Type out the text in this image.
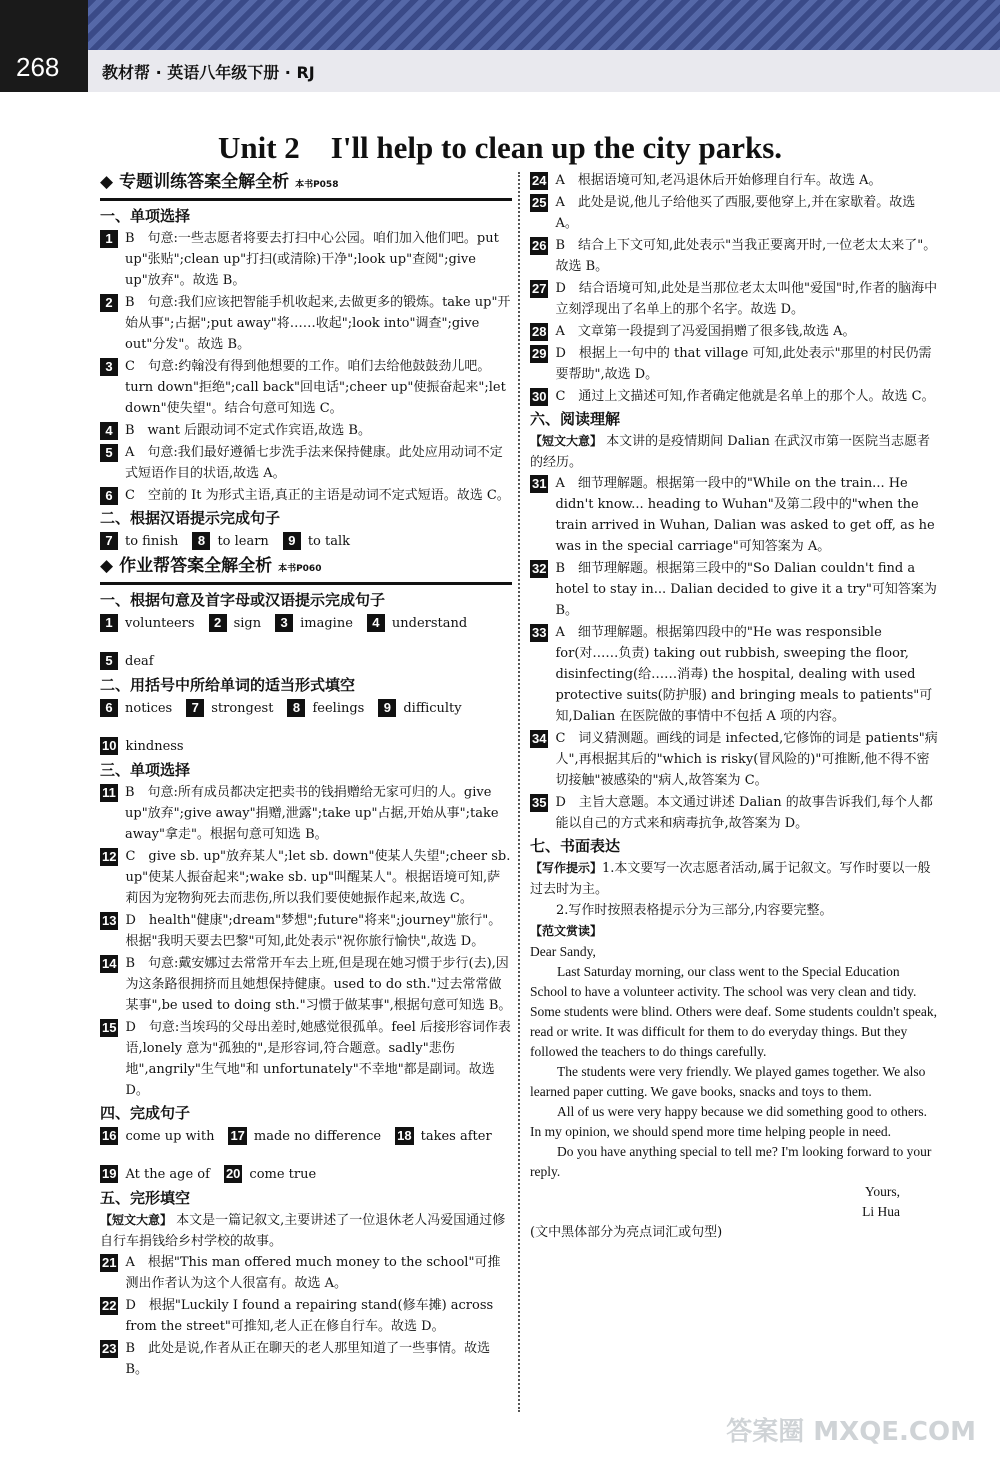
268	教材帮 · 英语八年级下册 · RJ
Unit 2　I'll help to clean up the city parks.
◆ 专题训练答案全解全析 本书P058
一、单项选择
1 B　句意:一些志愿者将要去打扫中心公园。咱们加入他们吧。put up"张贴";clean up"打扫(或清除)干净";look up"查阅";give up"放弃"。故选 B。
2 B　句意:我们应该把智能手机收起来,去做更多的锻炼。take up"开始从事";占据";put away"将……收起";look into"调查";give out"分发"。故选 B。
3 C　句意:约翰没有得到他想要的工作。咱们去给他鼓鼓劲儿吧。turn down"拒绝";call back"回电话";cheer up"使振奋起来";let down"使失望"。结合句意可知选 C。
4 B　want 后跟动词不定式作宾语,故选 B。
5 A　句意:我们最好遵循七步洗手法来保持健康。此处应用动词不定式短语作目的状语,故选 A。
6 C　空前的 It 为形式主语,真正的主语是动词不定式短语。故选 C。
二、根据汉语提示完成句子
7 to finish	8 to learn	9 to talk
◆ 作业帮答案全解全析 本书P060
一、根据句意及首字母或汉语提示完成句子
1 volunteers	2 sign	3 imagine	4 understand
5 deaf
二、用括号中所给单词的适当形式填空
6 notices	7 strongest	8 feelings	9 difficulty
10 kindness
三、单项选择
11 B　句意:所有成员都决定把卖书的钱捐赠给无家可归的人。give up"放弃";give away"捐赠,泄露";take up"占据,开始从事";take away"拿走"。根据句意可知选 B。
12 C　give sb. up"放弃某人";let sb. down"使某人失望";cheer sb. up"使某人振奋起来";wake sb. up"叫醒某人"。根据语境可知,萨莉因为宠物狗死去而悲伤,所以我们要使她振作起来,故选 C。
13 D　health"健康";dream"梦想";future"将来";journey"旅行"。根据"我明天要去巴黎"可知,此处表示"祝你旅行愉快",故选 D。
14 B　句意:戴安娜过去常常开车去上班,但是现在她习惯于步行(去),因为这条路很拥挤而且她想保持健康。used to do sth."过去常常做某事",be used to doing sth."习惯于做某事",根据句意可知选 B。
15 D　句意:当埃玛的父母出差时,她感觉很孤单。feel 后接形容词作表语,lonely 意为"孤独的",是形容词,符合题意。sadly"悲伤地",angrily"生气地"和 unfortunately"不幸地"都是副词。故选 D。
四、完成句子
16 come up with 17 made no difference 18 takes after
19 At the age of 20 come true
五、完形填空
【短文大意】 本文是一篇记叙文,主要讲述了一位退休老人冯爱国通过修自行车捐钱给乡村学校的故事。
21 A　根据"This man offered much money to the school"可推测出作者认为这个人很富有。故选 A。
22 D　根据"Luckily I found a repairing stand(修车摊) across from the street"可推知,老人正在修自行车。故选 D。
23 B　此处是说,作者从正在聊天的老人那里知道了一些事情。故选 B。
24 A　根据语境可知,老冯退休后开始修理自行车。故选 A。
25 A　此处是说,他儿子给他买了西服,要他穿上,并在家歇着。故选 A。
26 B　结合上下文可知,此处表示"当我正要离开时,一位老太太来了"。故选 B。
27 D　结合语境可知,此处是当那位老太太叫他"爱国"时,作者的脑海中立刻浮现出了名单上的那个名字。故选 D。
28 A　文章第一段提到了冯爱国捐赠了很多钱,故选 A。
29 D　根据上一句中的 that village 可知,此处表示"那里的村民仍需要帮助",故选 D。
30 C　通过上文描述可知,作者确定他就是名单上的那个人。故选 C。
六、阅读理解
【短文大意】 本文讲的是疫情期间 Dalian 在武汉市第一医院当志愿者的经历。
31 A　细节理解题。根据第一段中的"While on the train... He didn't know... heading to Wuhan"及第二段中的"when the train arrived in Wuhan, Dalian was asked to get off, as he was in the special carriage"可知答案为 A。
32 B　细节理解题。根据第三段中的"So Dalian couldn't find a hotel to stay in... Dalian decided to give it a try"可知答案为 B。
33 A　细节理解题。根据第四段中的"He was responsible for(对……负责) taking out rubbish, sweeping the floor, disinfecting(给……消毒) the hospital, dealing with used protective suits(防护服) and bringing meals to patients"可知,Dalian 在医院做的事情中不包括 A 项的内容。
34 C　词义猜测题。画线的词是 infected,它修饰的词是 patients"病人",再根据其后的"which is risky(冒风险的)"可推断,他不得不密切接触"被感染的"病人,故答案为 C。
35 D　主旨大意题。本文通过讲述 Dalian 的故事告诉我们,每个人都能以自己的方式来和病毒抗争,故答案为 D。
七、书面表达
【写作提示】1.本文要写一次志愿者活动,属于记叙文。写作时要以一般过去时为主。
2.写作时按照表格提示分为三部分,内容要完整。
【范文赏读】
Dear Sandy,
Last Saturday morning, our class went to the Special Education School to have a volunteer activity. The school was very clean and tidy. Some students were blind. Others were deaf. Some students couldn't speak, read or write. It was difficult for them to do everyday things. But they followed the teachers to do things carefully.
The students were very friendly. We played games together. We also learned paper cutting. We gave books, snacks and toys to them.
All of us were very happy because we did something good to others. In my opinion, we should spend more time helping people in need.
Do you have anything special to tell me? I'm looking forward to your reply.
Yours,
Li Hua
(文中黑体部分为亮点词汇或句型)
答案圈 MXQE.COM
